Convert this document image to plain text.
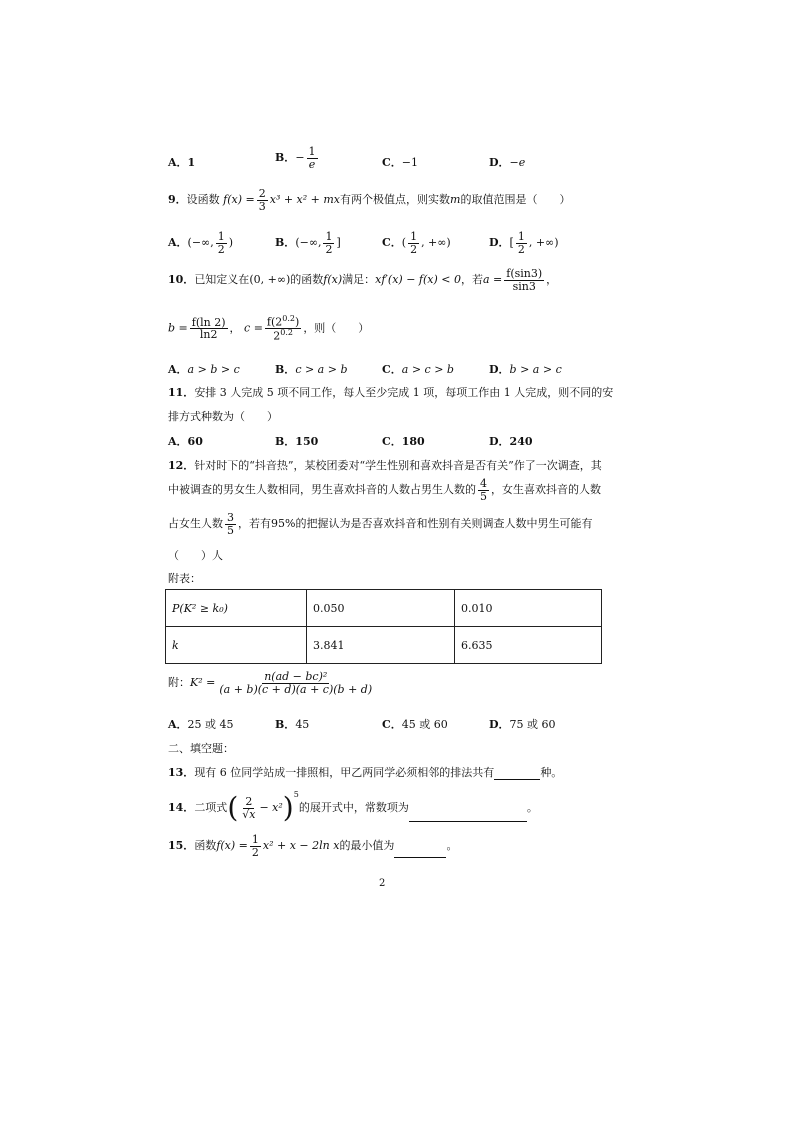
A．1	B．− $\frac{1}{e}$	C．−1	D．−e
9．设函数 $f(x) = \frac{2}{3} x^3 + x^2$ + mx有两个极值点，则实数m的取值范围是（　　）
A．(−∞, $\frac{1}{2}$ )	B．(−∞, $\frac{1}{2}$ ]	C．( $\frac{1}{2}$ , +∞)	D．[ $\frac{1}{2}$ , +∞)
10．已知定义在(0, +∞)的函数f(x)满足：xf′(x) − f(x) < 0，若$a = \frac{f(\sin 3)}{\sin 3}$ ，
$b = \frac{f(\ln 2)}{\ln 2}$ ， $c = \frac{f(2^{0.2})}{2^{0.2}}$ ，则（　　）
A．a > b > c	B．c > a > b	C．a > c > b	D．b > a > c
11．安排 3 人完成 5 项不同工作，每人至少完成 1 项，每项工作由 1 人完成，则不同的安
排方式种数为（　　）
A．60	B．150	C．180	D．240
12．针对时下的“抖音热”，某校团委对“学生性别和喜欢抖音是否有关”作了一次调查，其
中被调查的男女生人数相同，男生喜欢抖音的人数占男生人数的 $\frac{4}{5}$ ，女生喜欢抖音的人数
占女生人数 $\frac{3}{5}$ ，若有95%的把握认为是否喜欢抖音和性别有关则调查人数中男生可能有
（　　）人
附表：
P(K² ≥ k₀)	0.050	0.010
k	3.841	6.635
附：$K^2 = \frac{\text{n(ad − bc)²}}{(a + b)(c + d)(a + c)(b + d)}$
A．25 或 45	B．45	C．45 或 60	D．75 或 60
二、填空题：
13．现有 6 位同学站成一排照相，甲乙两同学必须相邻的排法共有	种。
14．二项式( $\frac{2}{√x} - x^2)^5$的展开式中，常数项为	。
15．函数$f(x) = \frac{1}{2} x^2 + x - 2\ln$ x的最小值为	。
2
